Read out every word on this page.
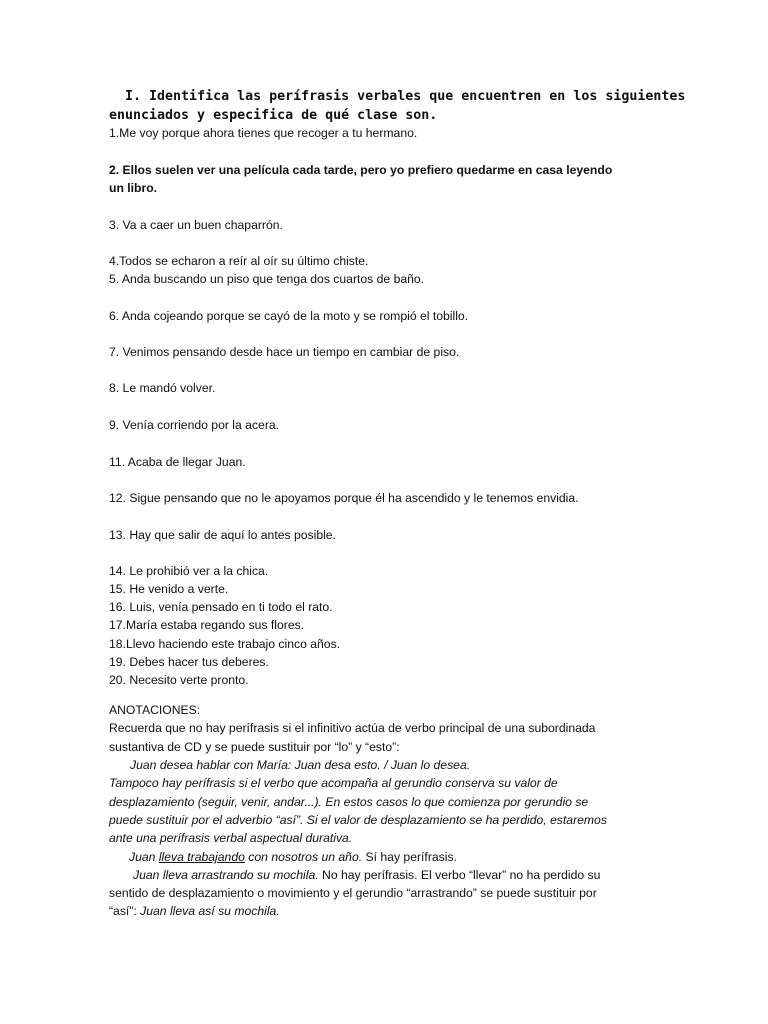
I. Identifica las perífrasis verbales que encuentren en los siguientes
enunciados y especifica de qué clase son.
1.Me voy porque ahora tienes que recoger a tu hermano.
2. Ellos suelen ver una película cada tarde, pero yo prefiero quedarme en casa leyendo
un libro.
3. Va a caer un buen chaparrón.
4.Todos se echaron a reír al oír su último chiste.
5. Anda buscando un piso que tenga dos cuartos de baño.
6. Anda cojeando porque se cayó de la moto y se rompió el tobillo.
7. Venimos pensando desde hace un tiempo en cambiar de piso.
8. Le mandó volver.
9. Venía corriendo por la acera.
11. Acaba de llegar Juan.
12. Sigue pensando que no le apoyamos porque él ha ascendido y le tenemos envidia.
13. Hay que salir de aquí lo antes posible.
14. Le prohibió ver a la chica.
15. He venido a verte.
16. Luis, venía pensado en ti todo el rato.
17.María estaba regando sus flores.
18.Llevo haciendo este trabajo cinco años.
19. Debes hacer tus deberes.
20. Necesito verte pronto.
ANOTACIONES:
Recuerda que no hay perífrasis si el infinitivo actúa de verbo principal de una subordinada
sustantiva de CD y se puede sustituir por “lo” y “esto”:
Juan desea hablar con María: Juan desa esto. / Juan lo desea.
Tampoco hay perífrasis si el verbo que acompaña al gerundio conserva su valor de
desplazamiento (seguir, venir, andar...). En estos casos lo que comienza por gerundio se
puede sustituir por el adverbio “así”. Si el valor de desplazamiento se ha perdido, estaremos
ante una perífrasis verbal aspectual durativa.
Juan lleva trabajando con nosotros un año. Sí hay perífrasis.
Juan lleva arrastrando su mochila. No hay perífrasis. El verbo “llevar” no ha perdido su
sentido de desplazamiento o movimiento y el gerundio “arrastrando” se puede sustituir por
“así”: Juan lleva así su mochila.
